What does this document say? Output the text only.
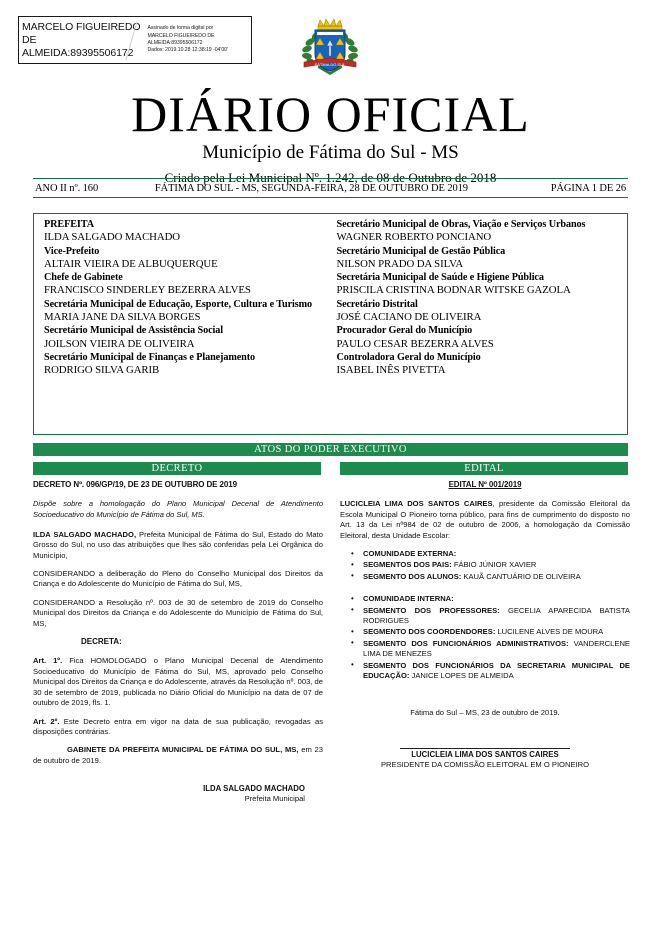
MARCELO FIGUEIREDO DE ALMEIDA:89395506172
Assinado de forma digital por
MARCELO FIGUEIREDO DE
ALMEIDA:89395506172
Dados: 2019.10.28 12:38:19 -04'00'
FÁTIMA DO SUL
DIÁRIO OFICIAL
Município de Fátima do Sul - MS
Criado pela Lei Municipal Nº. 1.242, de 08 de Outubro de 2018
ANO II nº. 160	FÁTIMA DO SUL - MS, SEGUNDA-FEIRA, 28 DE OUTUBRO DE 2019	PÁGINA 1 DE 26
PREFEITA
ILDA SALGADO MACHADO
Vice-Prefeito
ALTAIR VIEIRA DE ALBUQUERQUE
Chefe de Gabinete
FRANCISCO SINDERLEY BEZERRA ALVES
Secretária Municipal de Educação, Esporte, Cultura e Turismo
MARIA JANE DA SILVA BORGES
Secretário Municipal de Assistência Social
JOILSON VIEIRA DE OLIVEIRA
Secretário Municipal de Finanças e Planejamento
RODRIGO SILVA GARIB
Secretário Municipal de Obras, Viação e Serviços Urbanos
WAGNER ROBERTO PONCIANO
Secretário Municipal de Gestão Pública
NILSON PRADO DA SILVA
Secretária Municipal de Saúde e Higiene Pública
PRISCILA CRISTINA BODNAR WITSKE GAZOLA
Secretário Distrital
JOSÉ CACIANO DE OLIVEIRA
Procurador Geral do Município
PAULO CESAR BEZERRA ALVES
Controladora Geral do Município
ISABEL INÊS PIVETTA
ATOS DO PODER EXECUTIVO
DECRETO	EDITAL
DECRETO Nº. 096/GP/19, DE 23 DE OUTUBRO DE 2019
Dispõe sobre a homologação do Plano Municipal Decenal de Atendimento Socioeducativo do Município de Fátima do Sul, MS.
ILDA SALGADO MACHADO, Prefeita Municipal de Fátima do Sul, Estado do Mato Grosso do Sul, no uso das atribuições que lhes são conferidas pela Lei Orgânica do Município,
CONSIDERANDO a deliberação do Pleno do Conselho Municipal dos Direitos da Criança e do Adolescente do Município de Fátima do Sul, MS,
CONSIDERANDO a Resolução nº. 003 de 30 de setembro de 2019 do Conselho Municipal dos Direitos da Criança e do Adolescente do Município de Fátima do Sul, MS,
DECRETA:
Art. 1º. Fica HOMOLOGADO o Plano Municipal Decenal de Atendimento Socioeducativo do Município de Fátima do Sul, MS, aprovado pelo Conselho Municipal dos Direitos da Criança e do Adolescente, através da Resolução nº. 003, de 30 de setembro de 2019, publicada no Diário Oficial do Município na data de 07 de outubro de 2019, fls. 1.
Art. 2º. Este Decreto entra em vigor na data de sua publicação, revogadas as disposições contrárias.
GABINETE DA PREFEITA MUNICIPAL DE FÁTIMA DO SUL, MS, em 23 de outubro de 2019.
ILDA SALGADO MACHADO
Prefeita Municipal
EDITAL Nº 001/2019
LUCICLEIA LIMA DOS SANTOS CAIRES, presidente da Comissão Eleitoral da Escola Municipal O Pioneiro torna público, para fins de cumprimento do disposto no Art. 13 da Lei nº984 de 02 de outubro de 2006, a homologação da Comissão Eleitoral, desta Unidade Escolar:
• COMUNIDADE EXTERNA:
• SEGMENTOS DOS PAIS: FÁBIO JÚNIOR XAVIER
• SEGMENTO DOS ALUNOS: KAUÃ CANTUÁRIO DE OLIVEIRA
• COMUNIDADE INTERNA:
• SEGMENTO DOS PROFESSORES: GECELIA APARECIDA BATISTA RODRIGUES
• SEGMENTO DOS COORDENDORES: LUCILENE ALVES DE MOURA
• SEGMENTO DOS FUNCIONÁRIOS ADMINISTRATIVOS: VANDERCLENE LIMA DE MENEZES
• SEGMENTO DOS FUNCIONÁRIOS DA SECRETARIA MUNICIPAL DE EDUCAÇÃO: JANICE LOPES DE ALMEIDA
Fátima do Sul – MS, 23 de outubro de 2019.
LUCICLEIA LIMA DOS SANTOS CAIRES
PRESIDENTE DA COMISSÃO ELEITORAL EM O PIONEIRO
